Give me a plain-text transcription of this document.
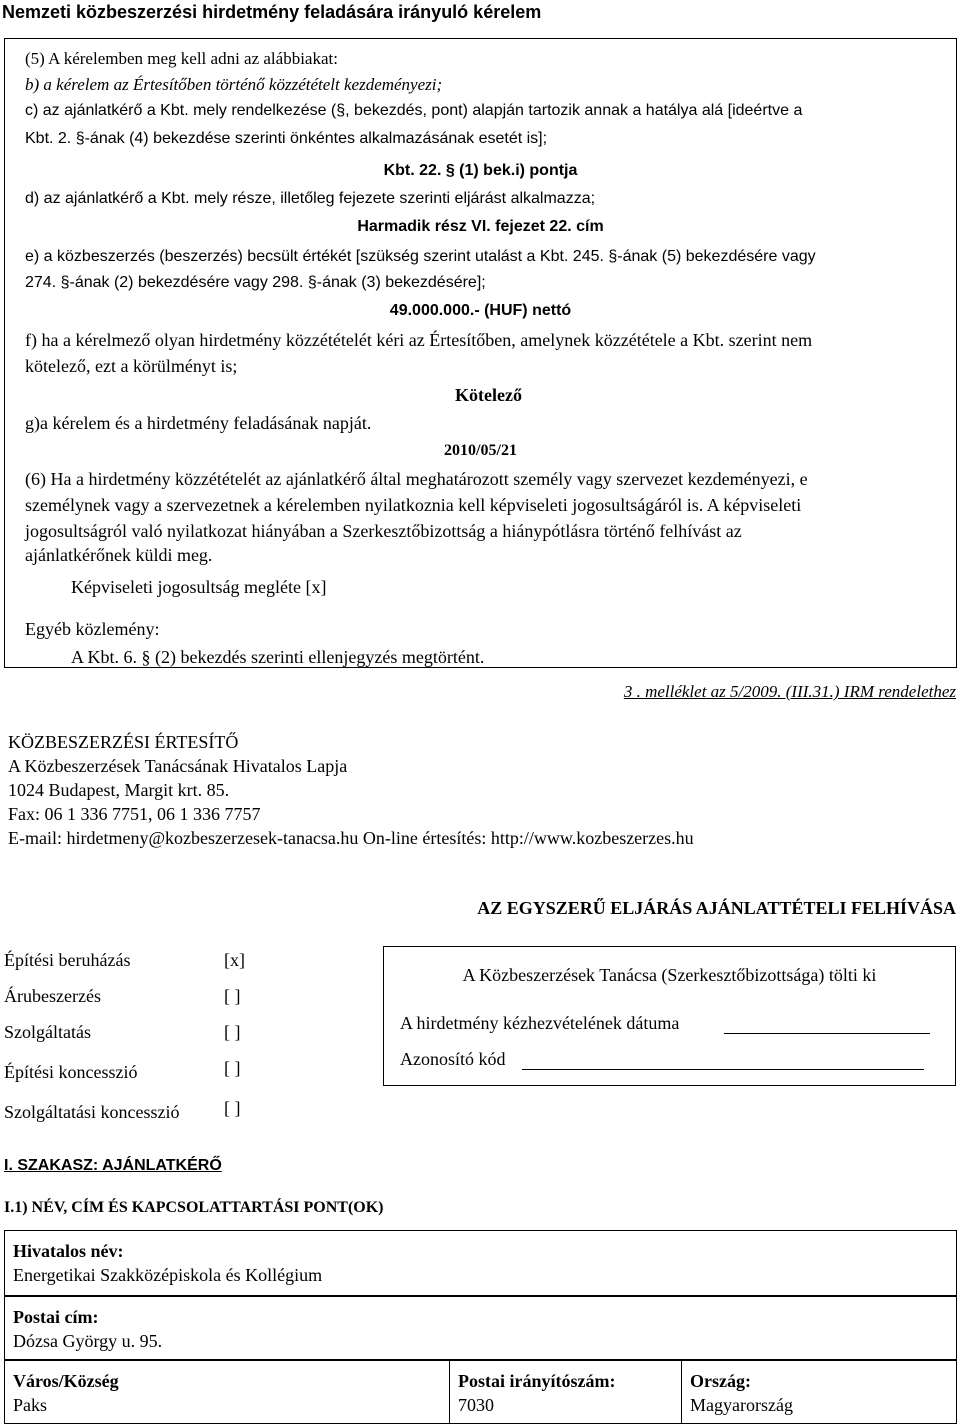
Nemzeti közbeszerzési hirdetmény feladására irányuló kérelem
(5) A kérelemben meg kell adni az alábbiakat:
b) a kérelem az Értesítőben történő közzétételt kezdeményezi;
c) az ajánlatkérő a Kbt. mely rendelkezése (§, bekezdés, pont) alapján tartozik annak a hatálya alá [ideértve a
Kbt. 2. §-ának (4) bekezdése szerinti önkéntes alkalmazásának esetét is];
Kbt. 22. § (1) bek.i) pontja
d) az ajánlatkérő a Kbt. mely része, illetőleg fejezete szerinti eljárást alkalmazza;
Harmadik rész VI. fejezet 22. cím
e) a közbeszerzés (beszerzés) becsült értékét [szükség szerint utalást a Kbt. 245. §-ának (5) bekezdésére vagy
274. §-ának (2) bekezdésére vagy 298. §-ának (3) bekezdésére];
49.000.000.- (HUF) nettó
f) ha a kérelmező olyan hirdetmény közzétételét kéri az Értesítőben, amelynek közzététele a Kbt. szerint nem
kötelező, ezt a körülményt is;
Kötelező
g)a kérelem és a hirdetmény feladásának napját.
2010/05/21
(6) Ha a hirdetmény közzétételét az ajánlatkérő által meghatározott személy vagy szervezet kezdeményezi, e
személynek vagy a szervezetnek a kérelemben nyilatkoznia kell képviseleti jogosultságáról is. A képviseleti
jogosultságról való nyilatkozat hiányában a Szerkesztőbizottság a hiánypótlásra történő felhívást az
ajánlatkérőnek küldi meg.
Képviseleti jogosultság megléte [x]
Egyéb közlemény:
A Kbt. 6. § (2) bekezdés szerinti ellenjegyzés megtörtént.
3 . melléklet az 5/2009. (III.31.) IRM rendelethez
KÖZBESZERZÉSI ÉRTESÍTŐ
A Közbeszerzések Tanácsának Hivatalos Lapja
1024 Budapest, Margit krt. 85.
Fax: 06 1 336 7751, 06 1 336 7757
E-mail: hirdetmeny@kozbeszerzesek-tanacsa.hu On-line értesítés: http://www.kozbeszerzes.hu
AZ EGYSZERŰ ELJÁRÁS AJÁNLATTÉTELI FELHÍVÁSA
Építési beruházás	[x]
Árubeszerzés	[ ]
Szolgáltatás	[ ]
Építési koncesszió	[ ]
Szolgáltatási koncesszió [ ]
A Közbeszerzések Tanácsa (Szerkesztőbizottsága) tölti ki
A hirdetmény kézhezvételének dátuma
Azonosító kód
I. SZAKASZ: AJÁNLATKÉRŐ
I.1) NÉV, CÍM ÉS KAPCSOLATTARTÁSI PONT(OK)
Hivatalos név:
Energetikai Szakközépiskola és Kollégium
Postai cím:
Dózsa György u. 95.
Város/Község
Paks
Postai irányítószám:
7030
Ország:
Magyarország
